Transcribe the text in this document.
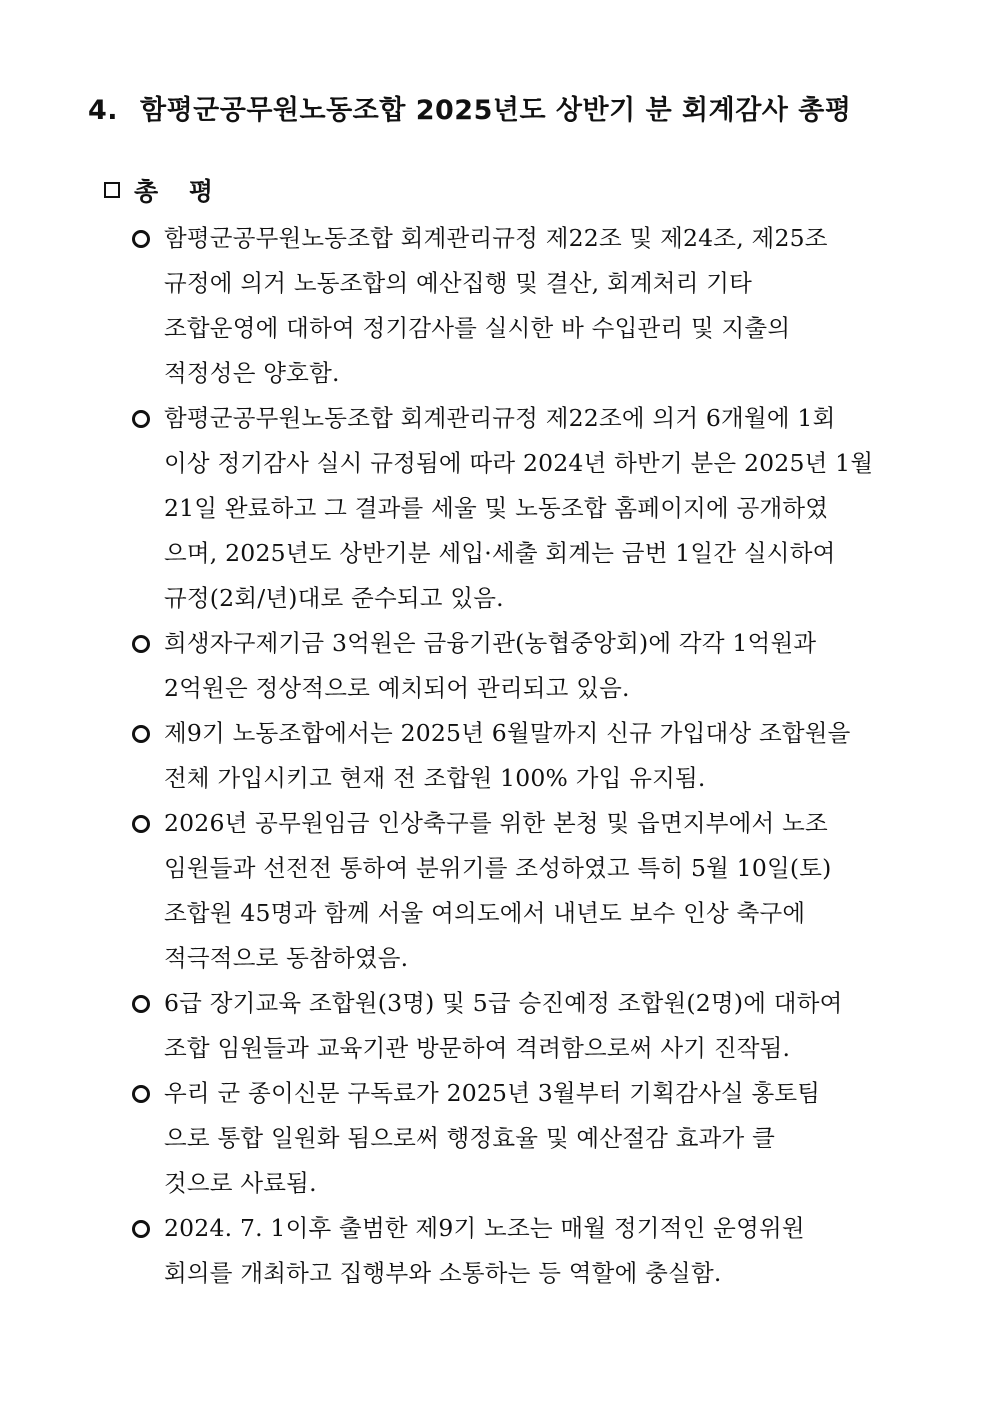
4. 함평군공무원노동조합 2025년도 상반기 분 회계감사 총평
총 평
함평군공무원노동조합 회계관리규정 제22조 및 제24조, 제25조
규정에 의거 노동조합의 예산집행 및 결산, 회계처리 기타
조합운영에 대하여 정기감사를 실시한 바 수입관리 및 지출의
적정성은 양호함.
함평군공무원노동조합 회계관리규정 제22조에 의거 6개월에 1회
이상 정기감사 실시 규정됨에 따라 2024년 하반기 분은 2025년 1월
21일 완료하고 그 결과를 세울 및 노동조합 홈페이지에 공개하였
으며, 2025년도 상반기분 세입·세출 회계는 금번 1일간 실시하여
규정(2회/년)대로 준수되고 있음.
희생자구제기금 3억원은 금융기관(농협중앙회)에 각각 1억원과
2억원은 정상적으로 예치되어 관리되고 있음.
제9기 노동조합에서는 2025년 6월말까지 신규 가입대상 조합원을
전체 가입시키고 현재 전 조합원 100% 가입 유지됨.
2026년 공무원임금 인상축구를 위한 본청 및 읍면지부에서 노조
임원들과 선전전 통하여 분위기를 조성하였고 특히 5월 10일(토)
조합원 45명과 함께 서울 여의도에서 내년도 보수 인상 축구에
적극적으로 동참하였음.
6급 장기교육 조합원(3명) 및 5급 승진예정 조합원(2명)에 대하여
조합 임원들과 교육기관 방문하여 격려함으로써 사기 진작됨.
우리 군 종이신문 구독료가 2025년 3월부터 기획감사실 홍토팀
으로 통합 일원화 됨으로써 행정효율 및 예산절감 효과가 클
것으로 사료됨.
2024. 7. 1이후 출범한 제9기 노조는 매월 정기적인 운영위원
회의를 개최하고 집행부와 소통하는 등 역할에 충실함.
